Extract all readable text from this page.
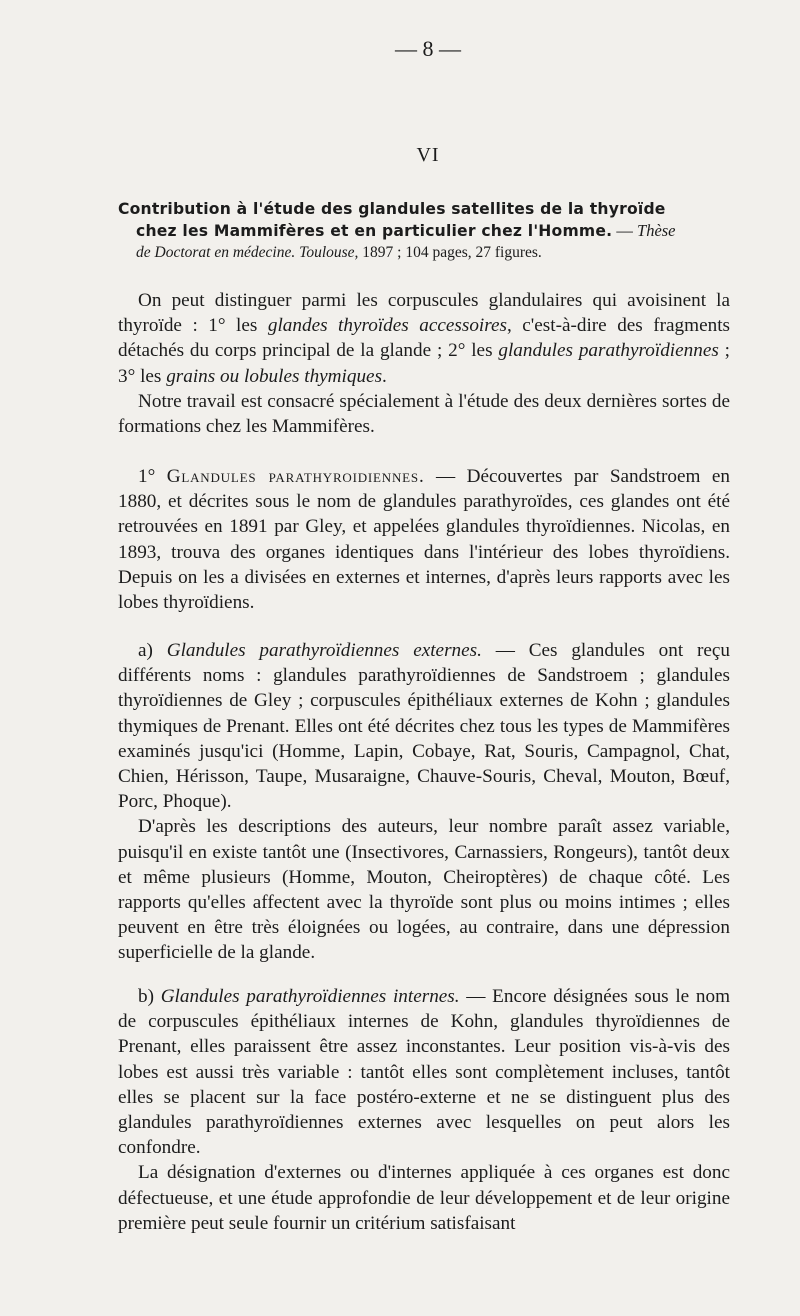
— 8 —
VI
Contribution à l'étude des glandules satellites de la thyroïde
chez les Mammifères et en particulier chez l'Homme. — Thèse
de Doctorat en médecine. Toulouse, 1897 ; 104 pages, 27 figures.

On peut distinguer parmi les corpuscules glandulaires qui avoisinent la thyroïde : 1° les glandes thyroïdes accessoires, c'est-à-dire des fragments détachés du corps principal de la glande ; 2° les glandules parathyroïdiennes ; 3° les grains ou lobules thymiques.

Notre travail est consacré spécialement à l'étude des deux dernières sortes de formations chez les Mammifères.

1° Glandules parathyroidiennes. — Découvertes par Sandstroem en 1880, et décrites sous le nom de glandules parathyroïdes, ces glandes ont été retrouvées en 1891 par Gley, et appelées glandules thyroïdiennes. Nicolas, en 1893, trouva des organes identiques dans l'intérieur des lobes thyroïdiens. Depuis on les a divisées en externes et internes, d'après leurs rapports avec les lobes thyroïdiens.

a) Glandules parathyroïdiennes externes. — Ces glandules ont reçu différents noms : glandules parathyroïdiennes de Sandstroem ; glandules thyroïdiennes de Gley ; corpuscules épithéliaux externes de Kohn ; glandules thymiques de Prenant. Elles ont été décrites chez tous les types de Mammifères examinés jusqu'ici (Homme, Lapin, Cobaye, Rat, Souris, Campagnol, Chat, Chien, Hérisson, Taupe, Musaraigne, Chauve-Souris, Cheval, Mouton, Bœuf, Porc, Phoque).

D'après les descriptions des auteurs, leur nombre paraît assez variable, puisqu'il en existe tantôt une (Insectivores, Carnassiers, Rongeurs), tantôt deux et même plusieurs (Homme, Mouton, Cheiroptères) de chaque côté. Les rapports qu'elles affectent avec la thyroïde sont plus ou moins intimes ; elles peuvent en être très éloignées ou logées, au contraire, dans une dépression superficielle de la glande.

b) Glandules parathyroïdiennes internes. — Encore désignées sous le nom de corpuscules épithéliaux internes de Kohn, glandules thyroïdiennes de Prenant, elles paraissent être assez inconstantes. Leur position vis-à-vis des lobes est aussi très variable : tantôt elles sont complètement incluses, tantôt elles se placent sur la face postéro-externe et ne se distinguent plus des glandules parathyroïdiennes externes avec lesquelles on peut alors les confondre.

La désignation d'externes ou d'internes appliquée à ces organes est donc défectueuse, et une étude approfondie de leur développement et de leur origine première peut seule fournir un critérium satisfaisant
